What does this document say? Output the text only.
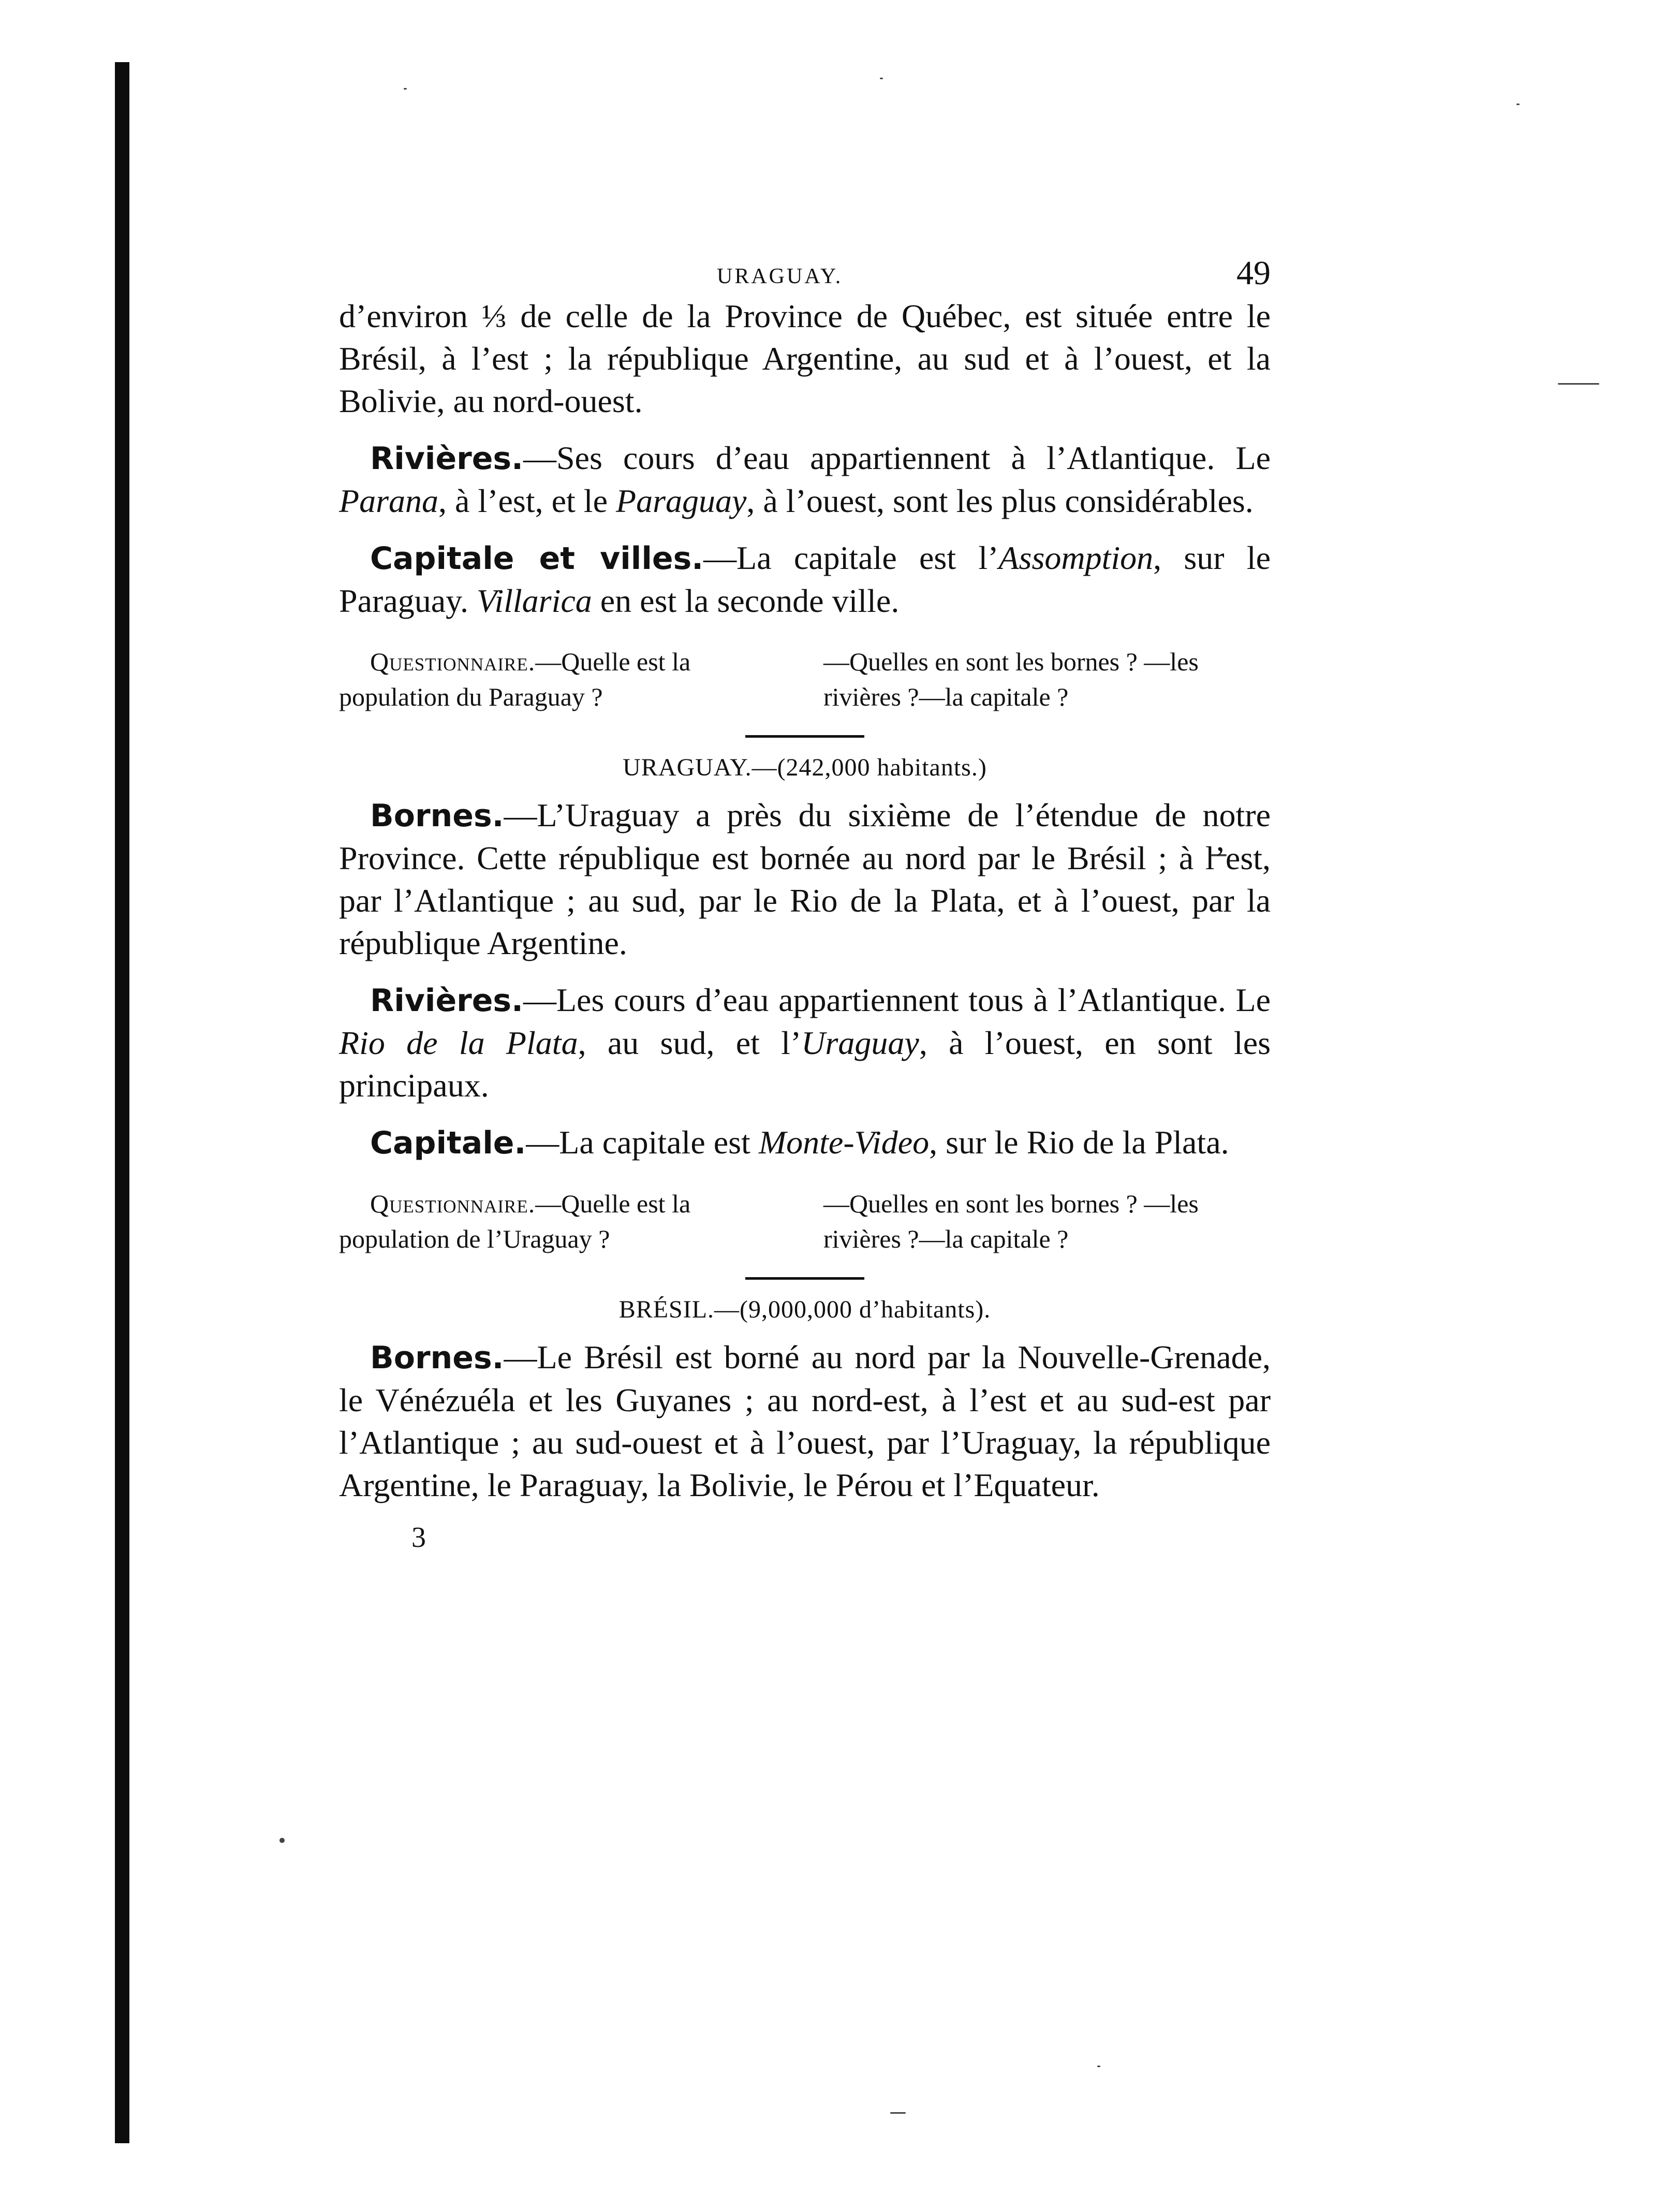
URAGUAY.	49

d’environ ⅓ de celle de la Province de Québec, est située entre le Brésil, à l’est ; la république Argentine, au sud et à l’ouest, et la Bolivie, au nord-ouest.

Rivières.—Ses cours d’eau appartiennent à l’Atlantique. Le Parana, à l’est, et le Paraguay, à l’ouest, sont les plus considérables.

Capitale et villes.—La capitale est l’Assomption, sur le Paraguay. Villarica en est la seconde ville.

Questionnaire.—Quelle est la population du Paraguay ?
—Quelles en sont les bornes ? —les rivières ?—la capitale ?
URAGUAY.—(242,000 habitants.)

Bornes.—L’Uraguay a près du sixième de l’étendue de notre Province. Cette république est bornée au nord par le Brésil ; à l’est, par l’Atlantique ; au sud, par le Rio de la Plata, et à l’ouest, par la république Argentine.

Rivières.—Les cours d’eau appartiennent tous à l’Atlantique. Le Rio de la Plata, au sud, et l’Uraguay, à l’ouest, en sont les principaux.

Capitale.—La capitale est Monte-Video, sur le Rio de la Plata.

Questionnaire.—Quelle est la population de l’Uraguay ?
—Quelles en sont les bornes ? —les rivières ?—la capitale ?
BRÉSIL.—(9,000,000 d’habitants).

Bornes.—Le Brésil est borné au nord par la Nouvelle-Grenade, le Vénézuéla et les Guyanes ; au nord-est, à l’est et au sud-est par l’Atlantique ; au sud-ouest et à l’ouest, par l’Uraguay, la république Argentine, le Paraguay, la Bolivie, le Pérou et l’Equateur.

3
